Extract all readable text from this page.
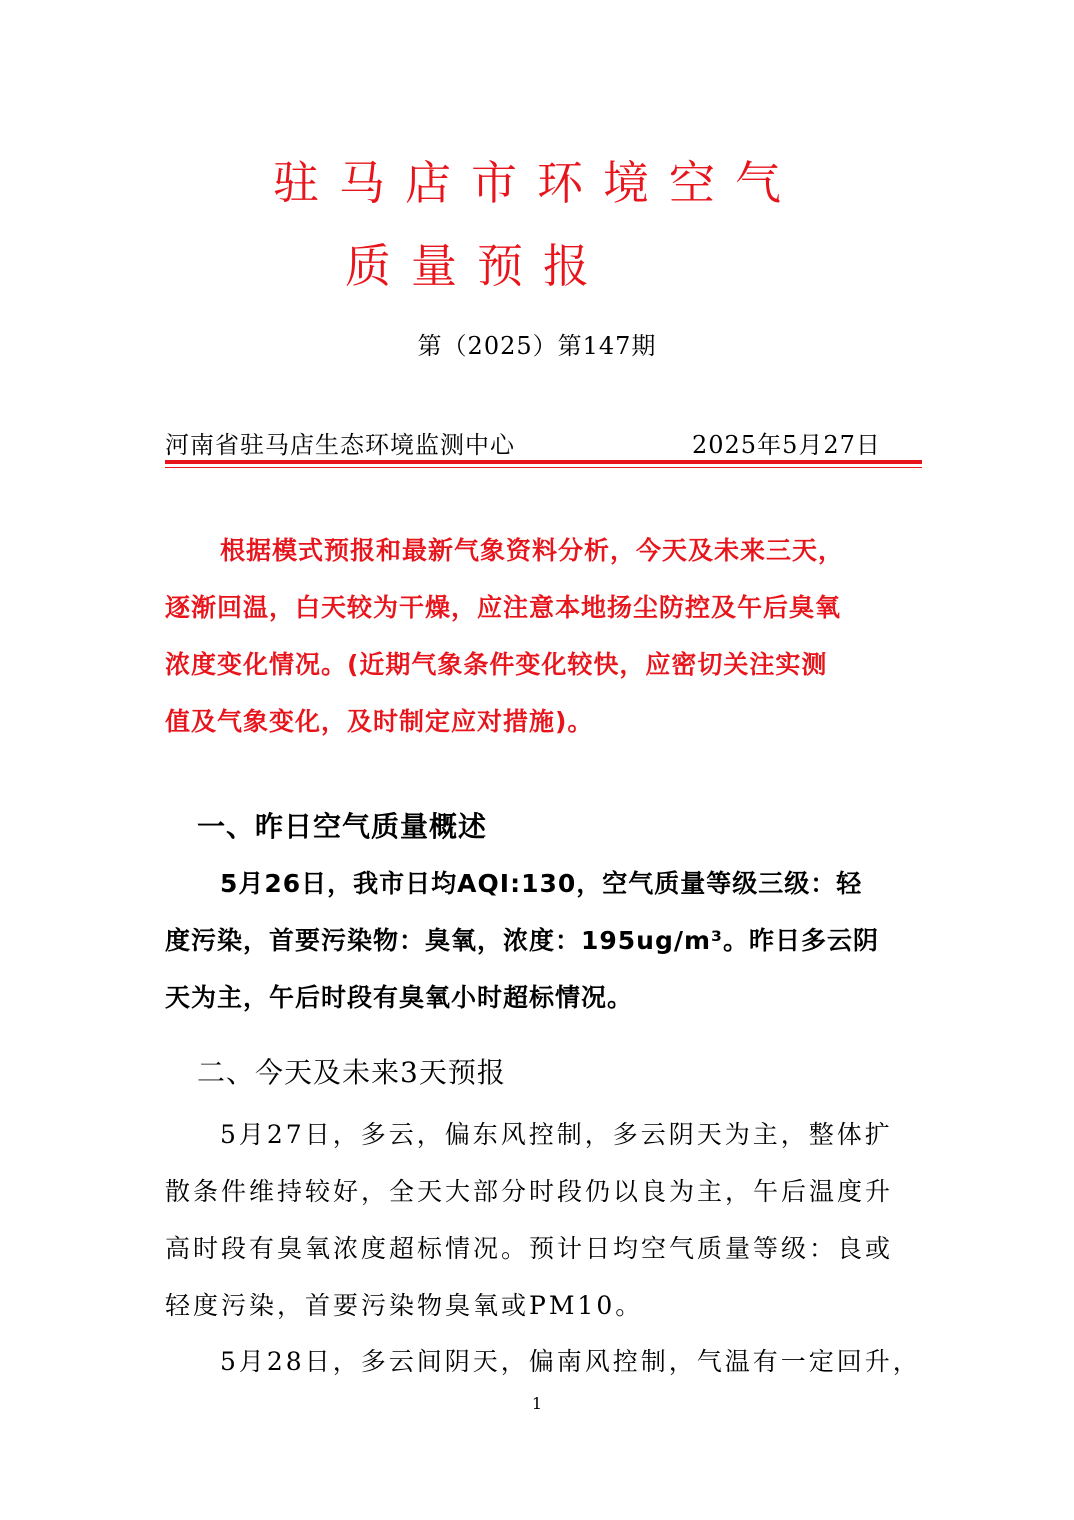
驻马店市环境空气
质量预报
第（2025）第147期
河南省驻马店生态环境监测中心	2025年5月27日
根据模式预报和最新气象资料分析，今天及未来三天，
逐渐回温，白天较为干燥，应注意本地扬尘防控及午后臭氧
浓度变化情况。(近期气象条件变化较快，应密切关注实测
值及气象变化，及时制定应对措施)。
一、昨日空气质量概述
5月26日，我市日均AQI:130，空气质量等级三级：轻
度污染，首要污染物：臭氧，浓度：195ug/m³。昨日多云阴
天为主，午后时段有臭氧小时超标情况。
二、今天及未来3天预报
5月27日，多云，偏东风控制，多云阴天为主，整体扩
散条件维持较好，全天大部分时段仍以良为主，午后温度升
高时段有臭氧浓度超标情况。预计日均空气质量等级：良或
轻度污染，首要污染物臭氧或PM10。
5月28日，多云间阴天，偏南风控制，气温有一定回升，
1
